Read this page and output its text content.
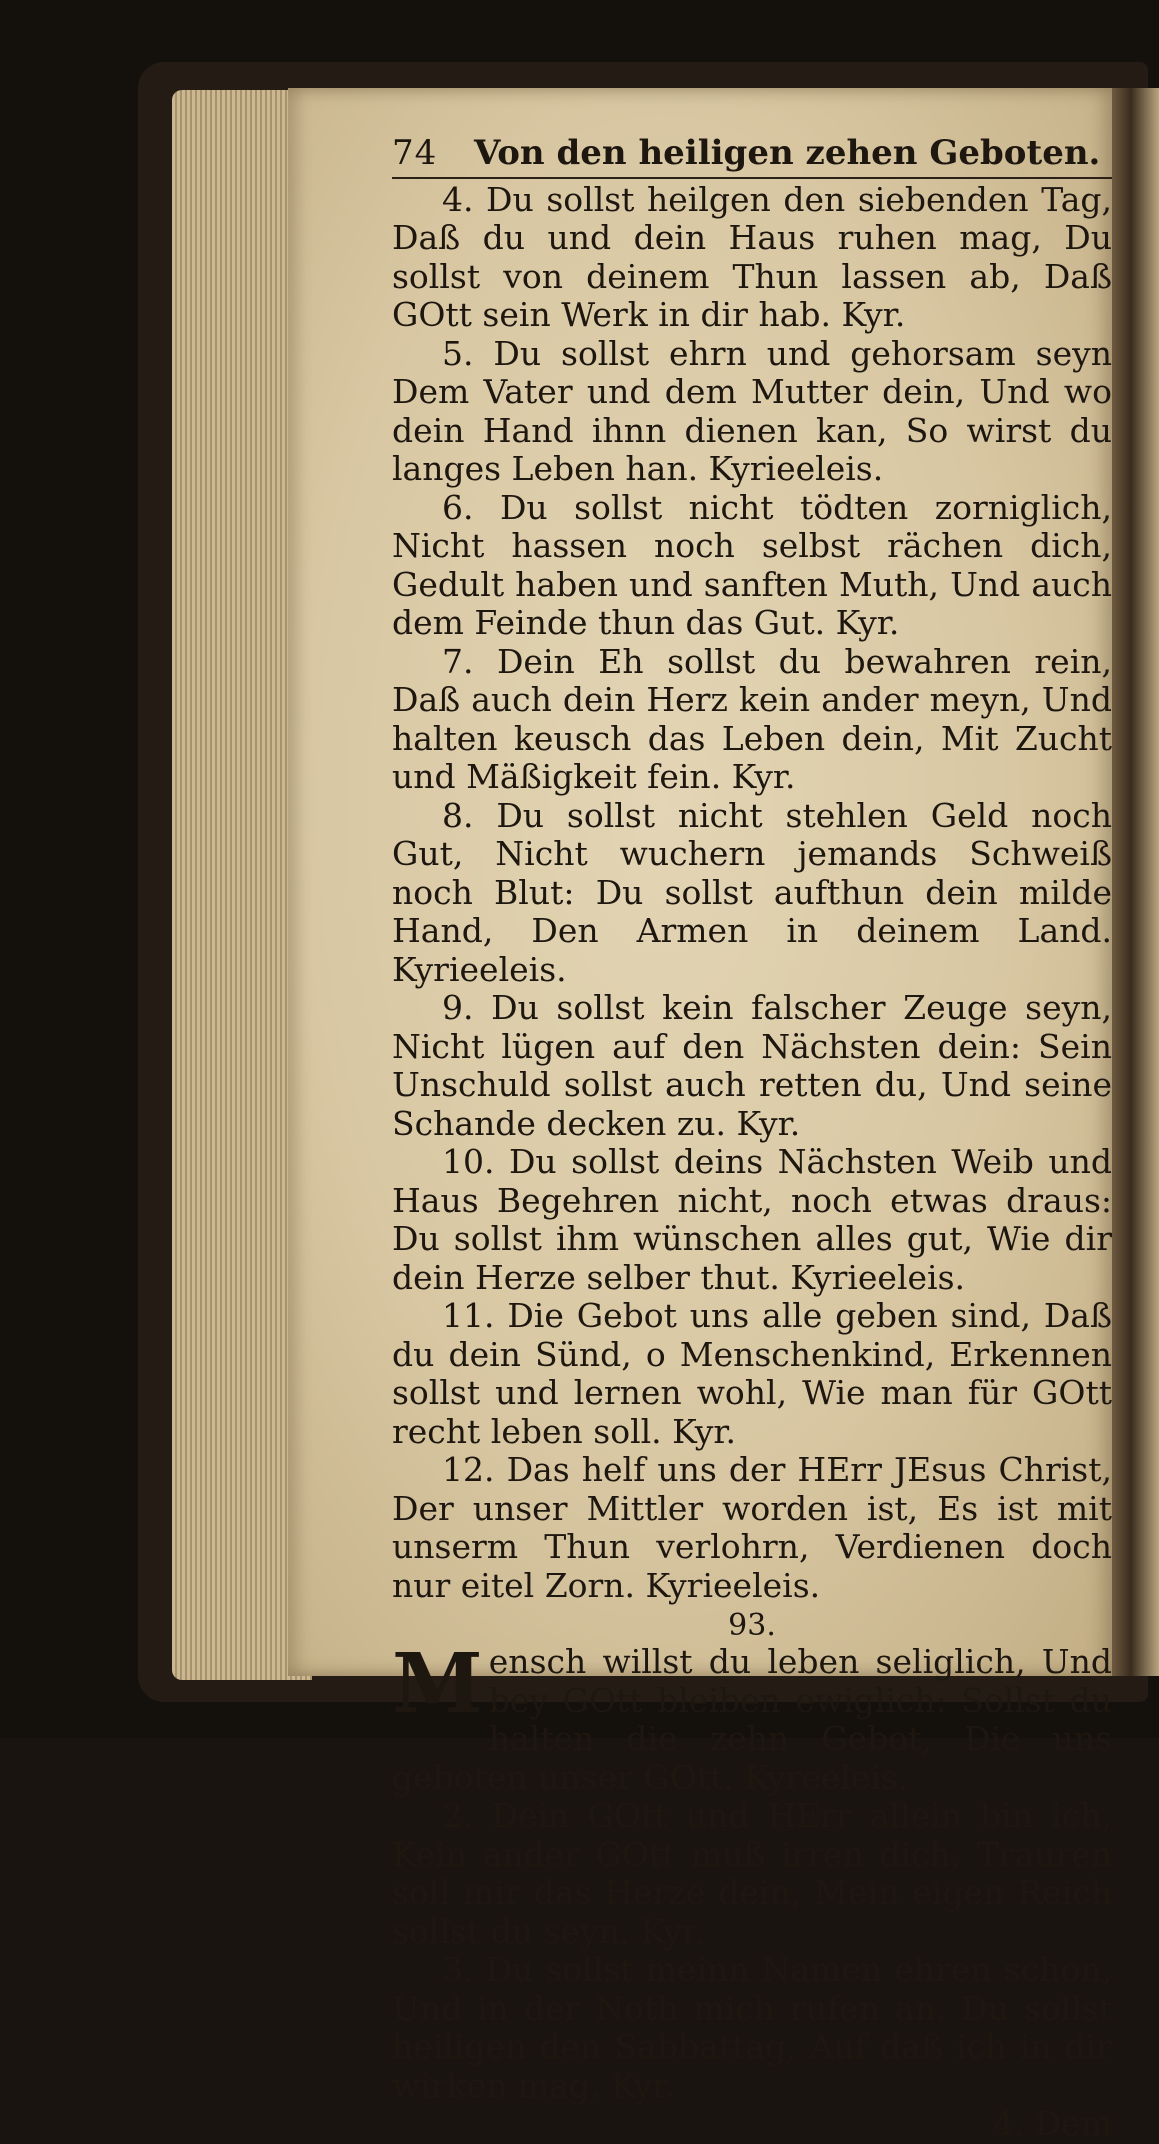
74	Von den heiligen zehen Geboten.

4. Du sollst heilgen den siebenden Tag, Daß du und dein Haus ruhen mag, Du sollst von deinem Thun lassen ab, Daß GOtt sein Werk in dir hab. Kyr.

5. Du sollst ehrn und gehorsam seyn Dem Vater und dem Mutter dein, Und wo dein Hand ihnn dienen kan, So wirst du langes Leben han. Kyrieeleis.

6. Du sollst nicht tödten zorniglich, Nicht hassen noch selbst rächen dich, Gedult haben und sanften Muth, Und auch dem Feinde thun das Gut. Kyr.

7. Dein Eh sollst du bewahren rein, Daß auch dein Herz kein ander meyn, Und halten keusch das Leben dein, Mit Zucht und Mäßigkeit fein. Kyr.

8. Du sollst nicht stehlen Geld noch Gut, Nicht wuchern jemands Schweiß noch Blut: Du sollst aufthun dein milde Hand, Den Armen in deinem Land. Kyrieeleis.

9. Du sollst kein falscher Zeuge seyn, Nicht lügen auf den Nächsten dein: Sein Unschuld sollst auch retten du, Und seine Schande decken zu. Kyr.

10. Du sollst deins Nächsten Weib und Haus Begehren nicht, noch etwas draus: Du sollst ihm wünschen alles gut, Wie dir dein Herze selber thut. Kyrieeleis.

11. Die Gebot uns alle geben sind, Daß du dein Sünd, o Menschenkind, Erkennen sollst und lernen wohl, Wie man für GOtt recht leben soll. Kyr.

12. Das helf uns der HErr JEsus Christ, Der unser Mittler worden ist, Es ist mit unserm Thun verlohrn, Verdienen doch nur eitel Zorn. Kyrieeleis.

93.

M ensch willst du leben seliglich, Und bey GOtt bleiben ewiglich: Sollst du halten die zehn Gebot, Die uns geboten unser GOtt. Kyreeleis.

2. Dein GOtt und HErr allein bin ich, Kein ander GOtt muß irren dich, Trauren soll mir das Herze dein, Mein eigen Reich sollst du seyn. Kyr.

3. Du sollst meinn Namen ehren schon, Und in der Noth mich rufen an. Du sollst heiligen den Sabbattag, Auf daß ich in dir wirken mag. Kyr.

4. Dem
